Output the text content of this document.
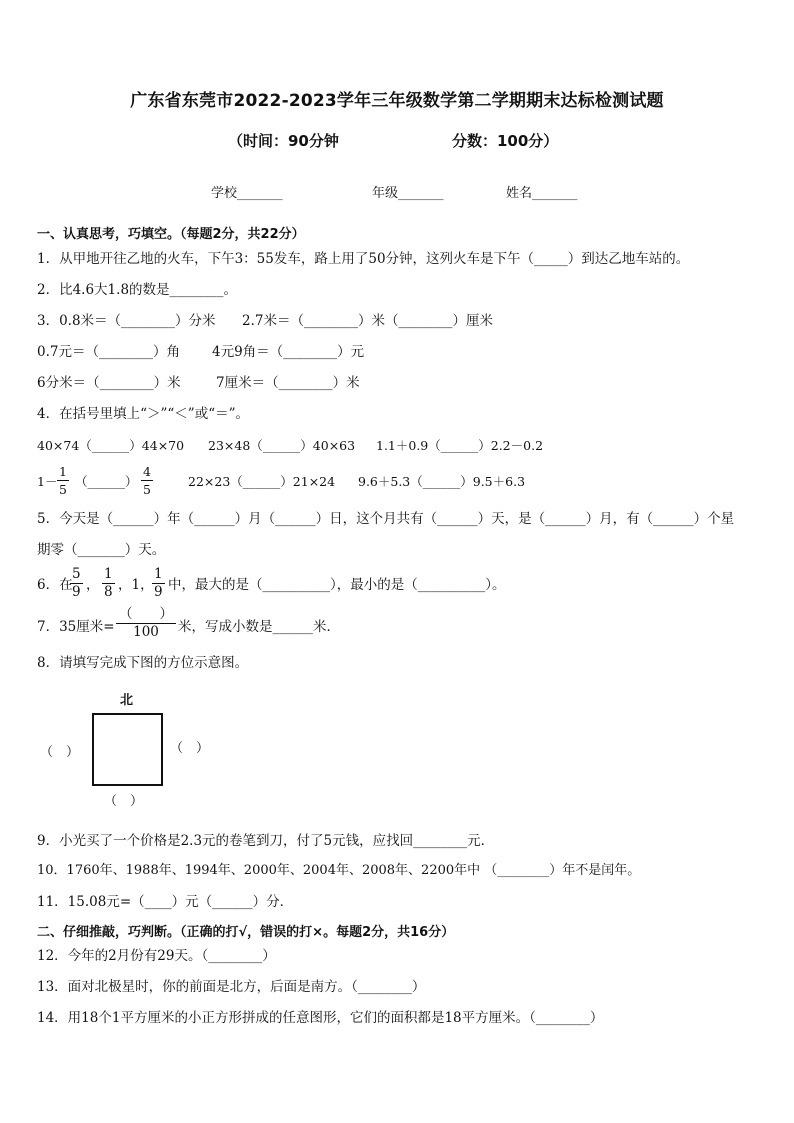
广东省东莞市2022-2023学年三年级数学第二学期期末达标检测试题
（时间：90分钟	分数：100分）
学校_______	年级_______	姓名_______
一、认真思考，巧填空。（每题2分，共22分）
1．从甲地开往乙地的火车，下午3：55发车，路上用了50分钟，这列火车是下午（_____）到达乙地车站的。
2．比4.6大1.8的数是________。
3．0.8米＝（________）分米 2.7米＝（________）米（________）厘米
0.7元＝（________）角 4元9角＝（________）元
6分米＝（________）米	7厘米＝（________）米
4．在括号里填上“＞”“＜”或“＝”。
40×74（______）44×70 23×48（______）40×63 1.1＋0.9（______）2.2－0.2
$1- \frac{1}{5}$ （______） $\frac{4}{5}$	22×23（______）21×24 9.6＋5.3（______）9.5＋6.3
5．今天是（______）年（______）月（______）日，这个月共有（______）天，是（______）月，有（______）个星
期零（_______）天。
6．在
$\frac{5}{9}$ ， $\frac{1}{8}$ ，1，
$\frac{1}{9}$ 中，最大的是（__________），最小的是（__________）。
7．35厘米= $\frac{( )}{100}$ 米，写成小数是______米．
8．请填写完成下图的方位示意图。
北
（　）	（　）
（　）
9．小光买了一个价格是2.3元的卷笔到刀，付了5元钱，应找回________元．
10．1760年、1988年、1994年、2000年、2004年、2008年、2200年中 （________）年不是闰年。
11．15.08元=（____）元（______）分．
二、仔细推敲，巧判断。（正确的打√，错误的打×。每题2分，共16分）
12．今年的2月份有29天。（________）
13．面对北极星时，你的前面是北方，后面是南方。（________）
14．用18个1平方厘米的小正方形拼成的任意图形，它们的面积都是18平方厘米。（________）
